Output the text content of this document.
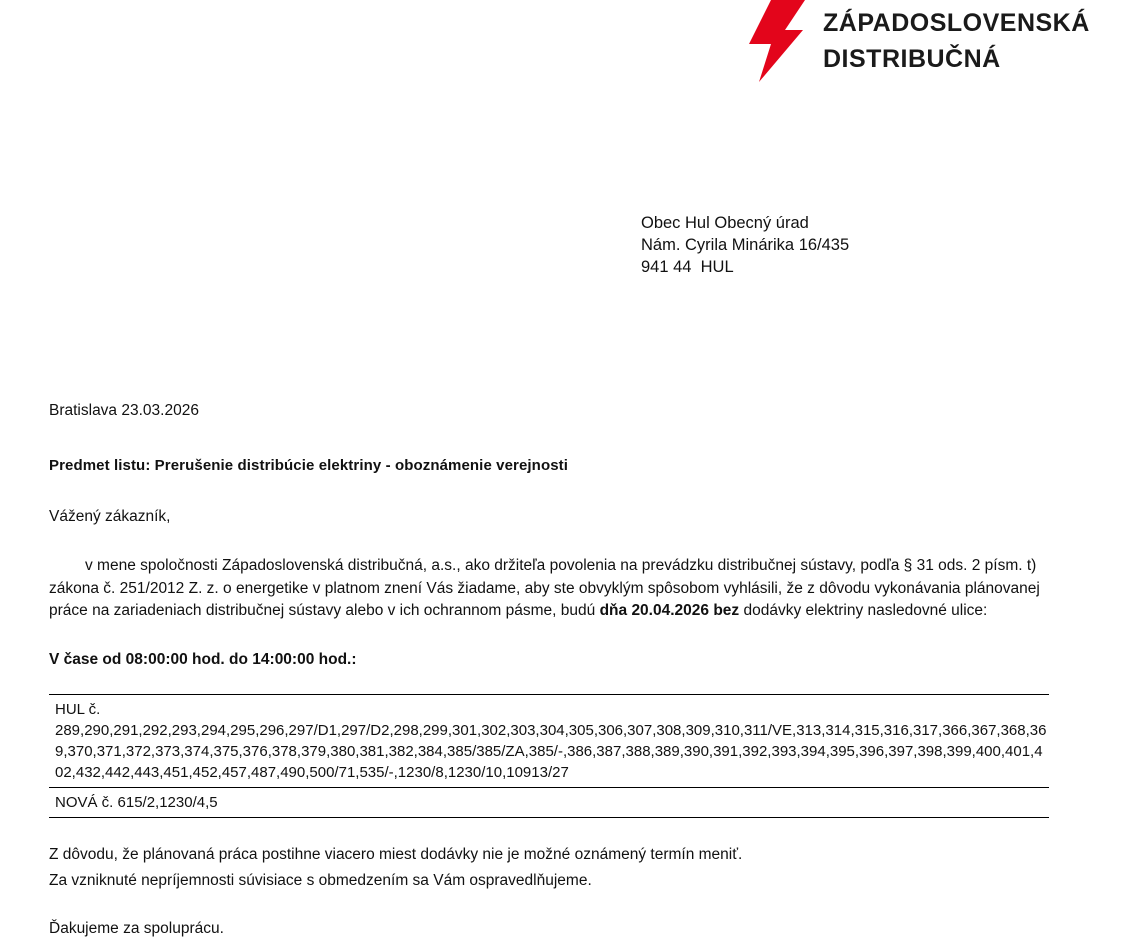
ZÁPADOSLOVENSKÁ
DISTRIBUČNÁ
Obec Hul Obecný úrad
Nám. Cyrila Minárika 16/435
941 44  HUL

Bratislava 23.03.2026

Predmet listu: Prerušenie distribúcie elektriny - oboznámenie verejnosti

Vážený zákazník,

v mene spoločnosti Západoslovenská distribučná, a.s., ako držiteľa povolenia na prevádzku distribučnej sústavy, podľa § 31 ods. 2 písm. t) zákona č. 251/2012 Z. z. o energetike v platnom znení Vás žiadame, aby ste obvyklým spôsobom vyhlásili, že z dôvodu vykonávania plánovanej práce na zariadeniach distribučnej sústavy alebo v ich ochrannom pásme, budú dňa 20.04.2026 bez dodávky elektriny nasledovné ulice:

V čase od 08:00:00 hod. do 14:00:00 hod.:

HUL č. 289,290,291,292,293,294,295,296,297/D1,297/D2,298,299,301,302,303,304,305,306,307,308,309,310,311/VE,313,314,315,316,317,366,367,368,369,370,371,372,373,374,375,376,378,379,380,381,382,384,385/385/ZA,385/-,386,387,388,389,390,391,392,393,394,395,396,397,398,399,400,401,402,432,442,443,451,452,457,487,490,500/71,535/-,1230/8,1230/10,10913/27

NOVÁ č. 615/2,1230/4,5

Z dôvodu, že plánovaná práca postihne viacero miest dodávky nie je možné oznámený termín meniť.

Za vzniknuté nepríjemnosti súvisiace s obmedzením sa Vám ospravedlňujeme.

Ďakujeme za spoluprácu.
